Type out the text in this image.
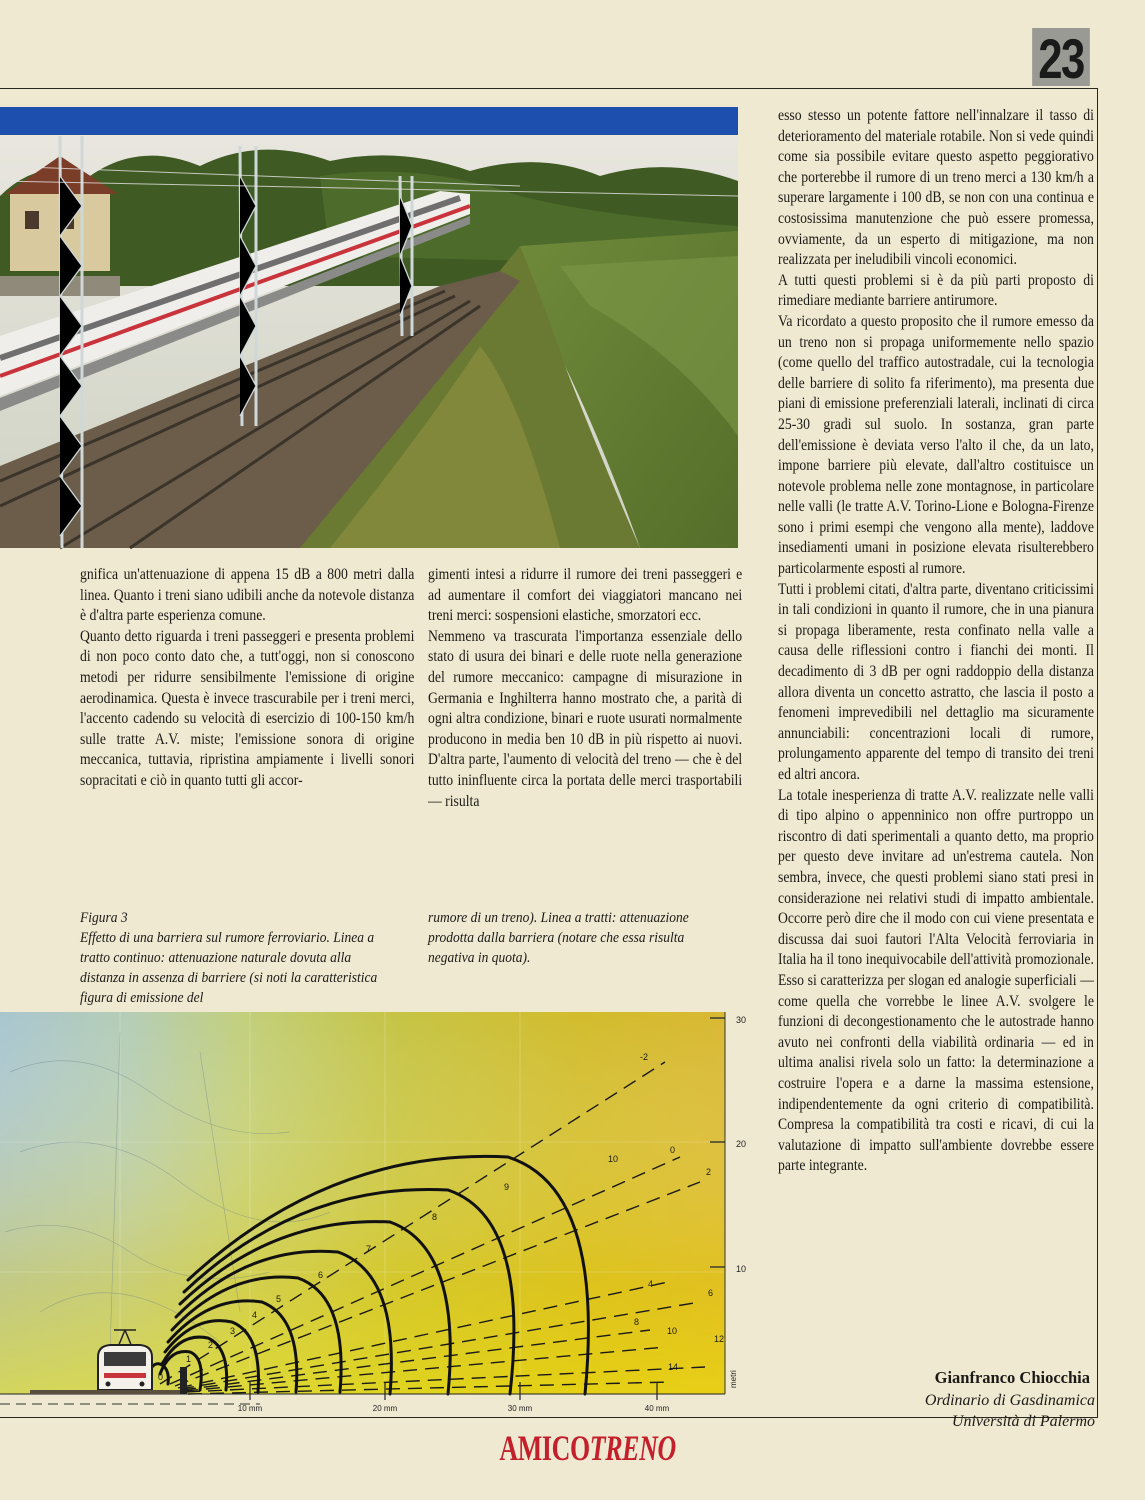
23

gnifica un'attenuazione di appena 15 dB a 800 metri dalla linea. Quanto i treni siano udibili anche da notevole distanza è d'altra parte esperienza comune.

Quanto detto riguarda i treni passeggeri e presenta problemi di non poco conto dato che, a tutt'oggi, non si conoscono metodi per ridurre sensibilmente l'emissione di origine aerodinamica. Questa è invece trascurabile per i treni merci, l'accento cadendo su velocità di esercizio di 100-150 km/h sulle tratte A.V. miste; l'emissione sonora di origine meccanica, tuttavia, ripristina ampiamente i livelli sonori sopracitati e ciò in quanto tutti gli accor-

gimenti intesi a ridurre il rumore dei treni passeggeri e ad aumentare il comfort dei viaggiatori mancano nei treni merci: sospensioni elastiche, smorzatori ecc.

Nemmeno va trascurata l'importanza essenziale dello stato di usura dei binari e delle ruote nella generazione del rumore meccanico: campagne di misurazione in Germania e Inghilterra hanno mostrato che, a parità di ogni altra condizione, binari e ruote usurati normalmente producono in media ben 10 dB in più rispetto ai nuovi. D'altra parte, l'aumento di velocità del treno — che è del tutto ininfluente circa la portata delle merci trasportabili — risulta

esso stesso un potente fattore nell'innalzare il tasso di deterioramento del materiale rotabile. Non si vede quindi come sia possibile evitare questo aspetto peggiorativo che porterebbe il rumore di un treno merci a 130 km/h a superare largamente i 100 dB, se non con una continua e costosissima manutenzione che può essere promessa, ovviamente, da un esperto di mitigazione, ma non realizzata per ineludibili vincoli economici.

A tutti questi problemi si è da più parti proposto di rimediare mediante barriere antirumore.

Va ricordato a questo proposito che il rumore emesso da un treno non si propaga uniformemente nello spazio (come quello del traffico autostradale, cui la tecnologia delle barriere di solito fa riferimento), ma presenta due piani di emissione preferenziali laterali, inclinati di circa 25-30 gradi sul suolo. In sostanza, gran parte dell'emissione è deviata verso l'alto il che, da un lato, impone barriere più elevate, dall'altro costituisce un notevole problema nelle zone montagnose, in particolare nelle valli (le tratte A.V. Torino-Lione e Bologna-Firenze sono i primi esempi che vengono alla mente), laddove insediamenti umani in posizione elevata risulterebbero particolarmente esposti al rumore.

Tutti i problemi citati, d'altra parte, diventano criticissimi in tali condizioni in quanto il rumore, che in una pianura si propaga liberamente, resta confinato nella valle a causa delle riflessioni contro i fianchi dei monti. Il decadimento di 3 dB per ogni raddoppio della distanza allora diventa un concetto astratto, che lascia il posto a fenomeni imprevedibili nel dettaglio ma sicuramente annunciabili: concentrazioni locali di rumore, prolungamento apparente del tempo di transito dei treni ed altri ancora.

La totale inesperienza di tratte A.V. realizzate nelle valli di tipo alpino o appenninico non offre purtroppo un riscontro di dati sperimentali a quanto detto, ma proprio per questo deve invitare ad un'estrema cautela. Non sembra, invece, che questi problemi siano stati presi in considerazione nei relativi studi di impatto ambientale. Occorre però dire che il modo con cui viene presentata e discussa dai suoi fautori l'Alta Velocità ferroviaria in Italia ha il tono inequivocabile dell'attività promozionale. Esso si caratterizza per slogan ed analogie superficiali — come quella che vorrebbe le linee A.V. svolgere le funzioni di decongestionamento che le autostrade hanno avuto nei confronti della viabilità ordinaria — ed in ultima analisi rivela solo un fatto: la determinazione a costruire l'opera e a darne la massima estensione, indipendentemente da ogni criterio di compatibilità. Compresa la compatibilità tra costi e ricavi, di cui la valutazione di impatto sull'ambiente dovrebbe essere parte integrante.

Gianfranco Chiocchia
Ordinario di Gasdinamica
Università di Palermo
Figura 3
Effetto di una barriera sul rumore ferroviario. Linea a tratto continuo: attenuazione naturale dovuta alla distanza in assenza di barriere (si noti la caratteristica figura di emissione del
rumore di un treno). Linea a tratti: attenuazione prodotta dalla barriera (notare che essa risulta negativa in quota).
30
20
10
metri
-2
0
2
4
6
8
10
12
14
0
1
2
3
4
5
6
7
8
9
10
10 mm	20 mm	30 mm	40 mm
AMICOTRENO
